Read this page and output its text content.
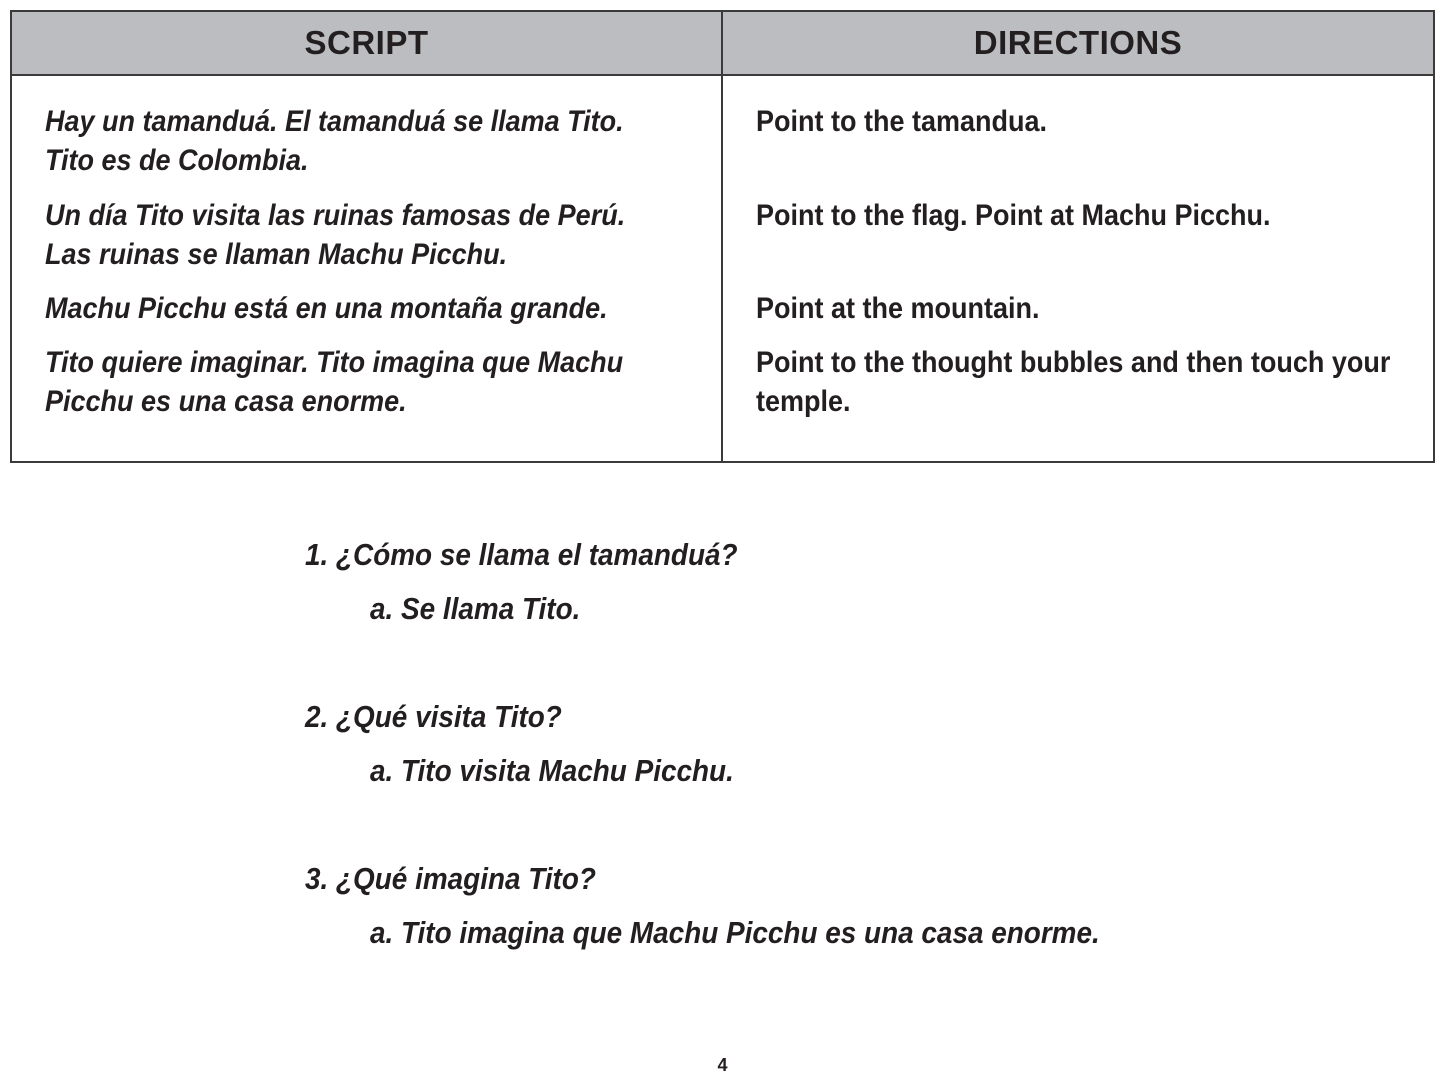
SCRIPT	DIRECTIONS
Hay un tamanduá. El tamanduá se llama Tito.
Tito es de Colombia.
Un día Tito visita las ruinas famosas de Perú.
Las ruinas se llaman Machu Picchu.
Machu Picchu está en una montaña grande.
Tito quiere imaginar. Tito imagina que Machu
Picchu es una casa enorme.
Point to the tamandua.
Point to the flag. Point at Machu Picchu.
Point at the mountain.
Point to the thought bubbles and then touch your temple.
1. ¿Cómo se llama el tamanduá?
a. Se llama Tito.
2. ¿Qué visita Tito?
a. Tito visita Machu Picchu.
3. ¿Qué imagina Tito?
a. Tito imagina que Machu Picchu es una casa enorme.
4
